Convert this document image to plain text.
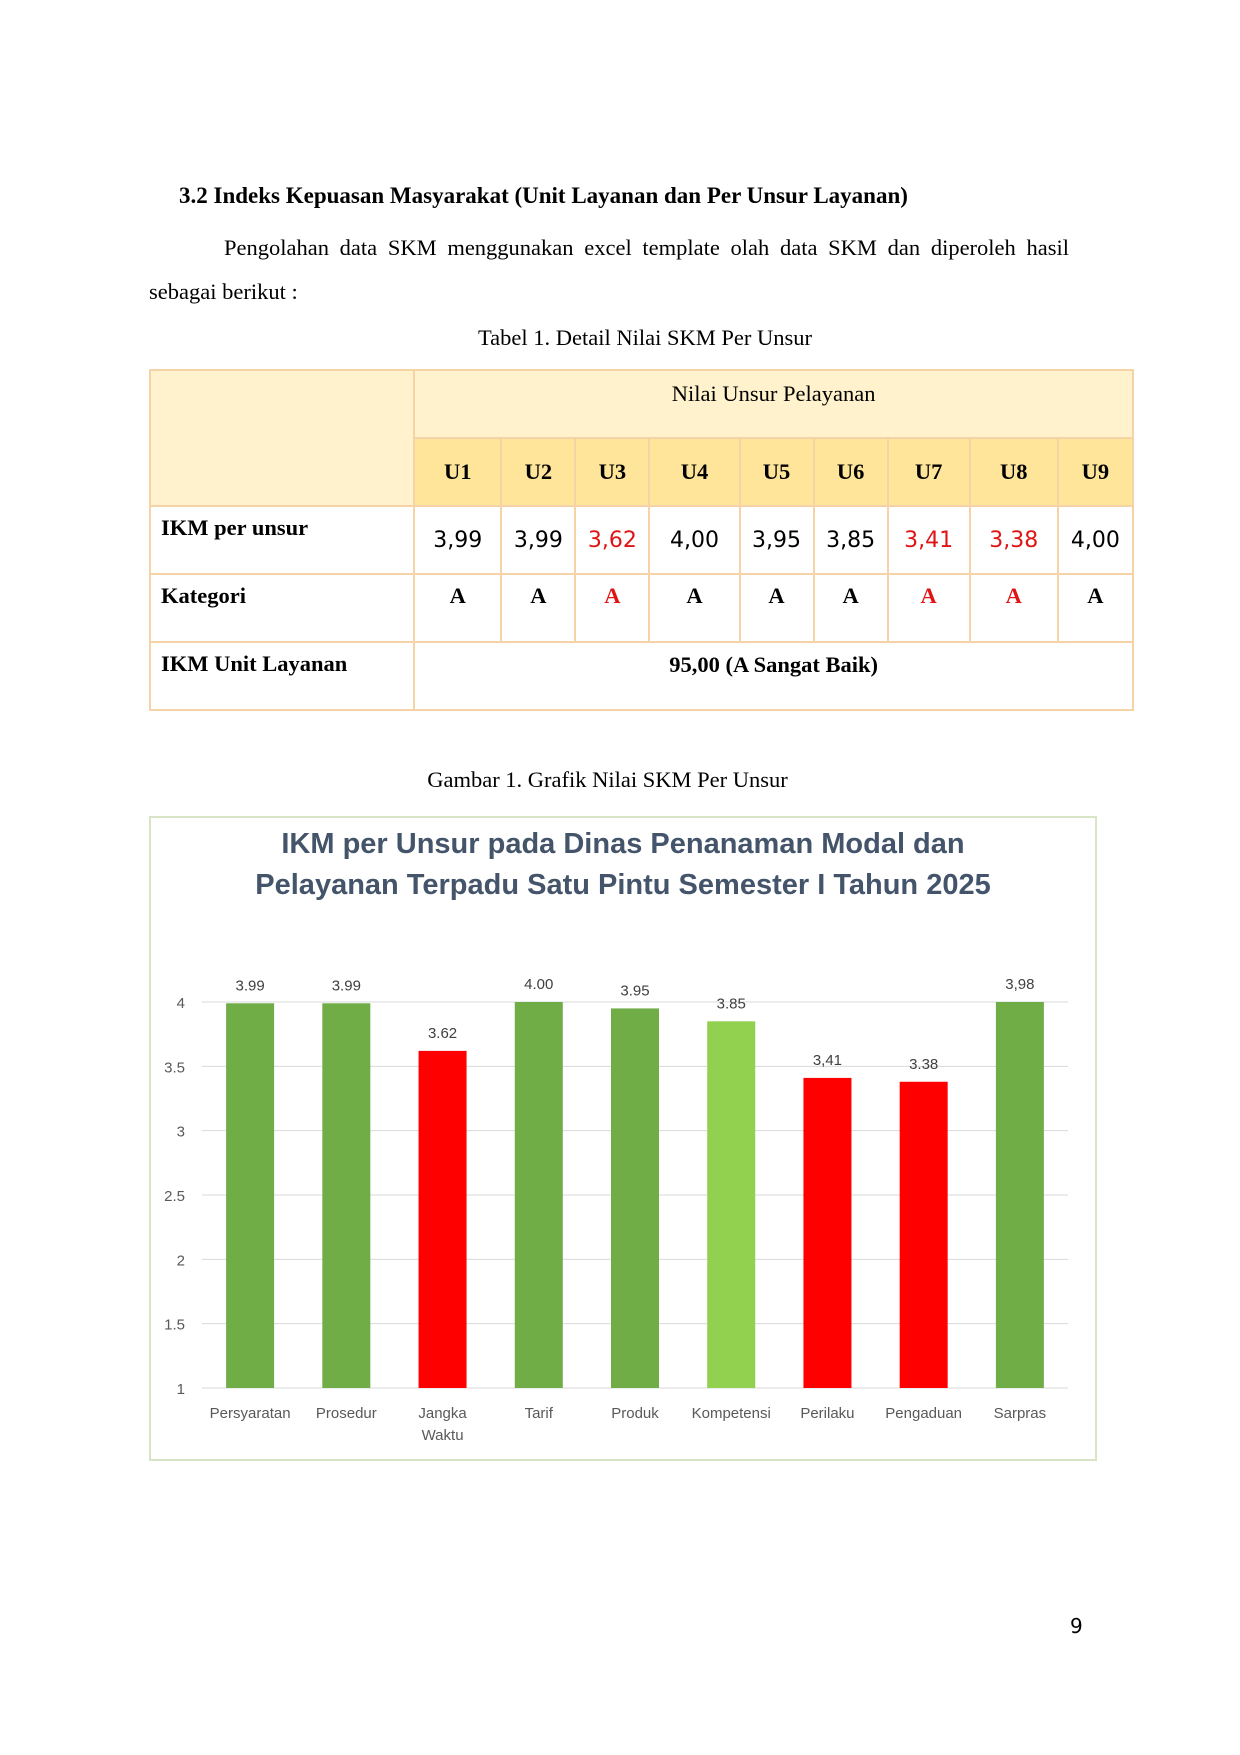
3.2 Indeks Kepuasan Masyarakat (Unit Layanan dan Per Unsur Layanan)
Pengolahan data SKM menggunakan excel template olah data SKM dan diperoleh hasil sebagai berikut :
Tabel 1. Detail Nilai SKM Per Unsur
	Nilai Unsur Pelayanan								
	U1	U2	U3	U4	U5	U6	U7	U8	U9
IKM per unsur	3,99	3,99	3,62	4,00	3,95	3,85	3,41	3,38	4,00
Kategori	A	A	A	A	A	A	A	A	A
IKM Unit Layanan	95,00 (A Sangat Baik)								
Gambar 1. Grafik Nilai SKM Per Unsur
IKM per Unsur pada Dinas Penanaman Modal dan
Pelayanan Terpadu Satu Pintu Semester I Tahun 2025
1
1.5
2
2.5
3
3.5
4
3.99
Persyaratan
3.99
Prosedur
3.62
Jangka
Waktu
4.00
Tarif
3.95
Produk
3.85
Kompetensi
3,41
Perilaku
3.38
Pengaduan
3,98
Sarpras
9
